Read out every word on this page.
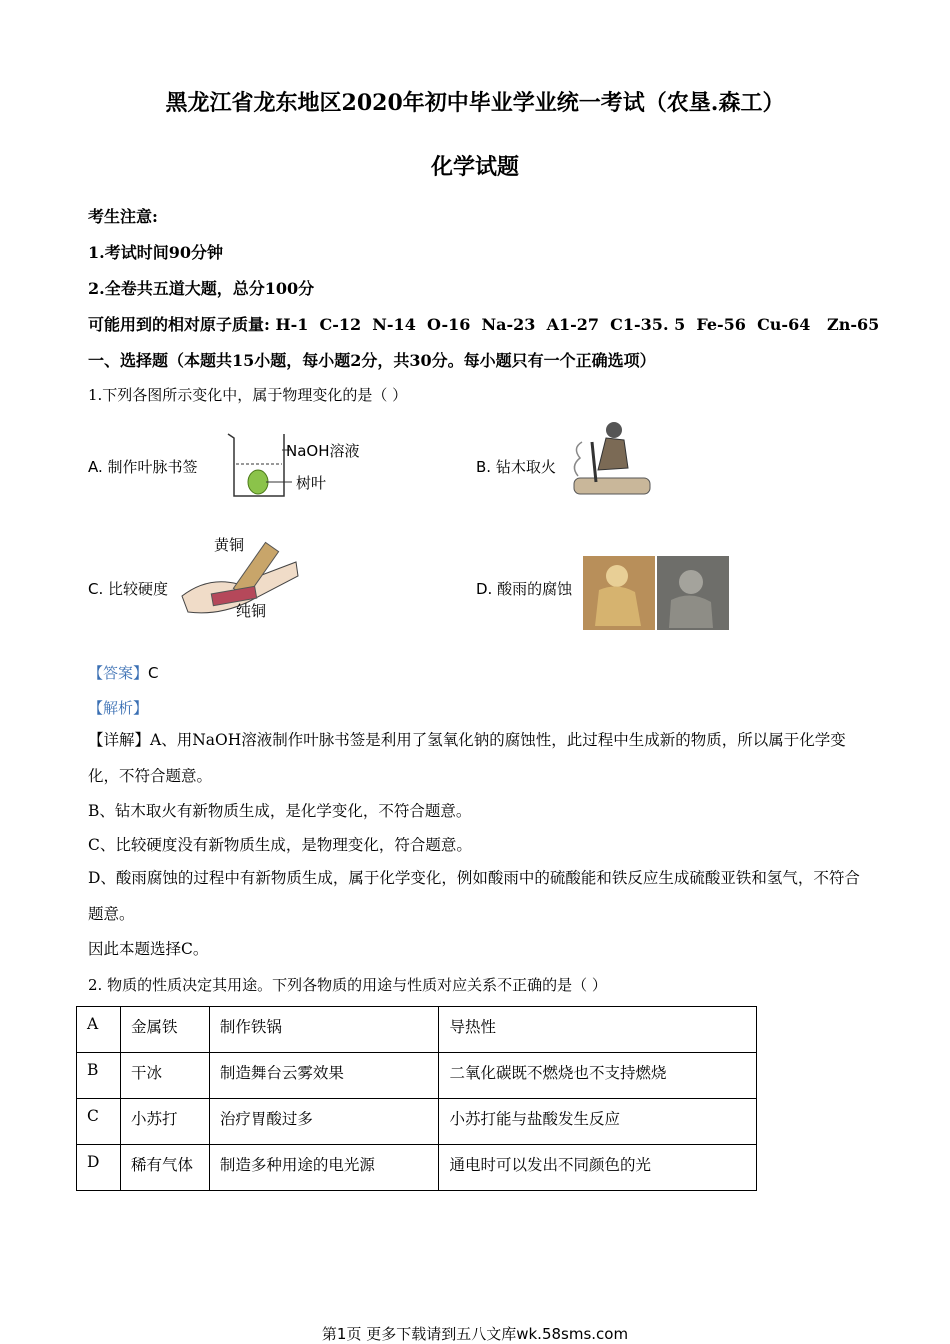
黑龙江省龙东地区2020年初中毕业学业统一考试（农垦.森工）
化学试题
考生注意:
1.考试时间90分钟
2.全卷共五道大题，总分100分
可能用到的相对原子质量: H-1  C-12  N-14  O-16  Na-23  A1-27  C1-35. 5  Fe-56  Cu-64   Zn-65
一、选择题（本题共15小题，每小题2分，共30分。每小题只有一个正确选项）
1.下列各图所示变化中，属于物理变化的是（ ）
A. 制作叶脉书签
NaOH溶液
树叶
B. 钻木取火
C. 比较硬度
黄铜
纯铜
D. 酸雨的腐蚀
【答案】C
【解析】
【详解】A、用NaOH溶液制作叶脉书签是利用了氢氧化钠的腐蚀性，此过程中生成新的物质，所以属于化学变化，不符合题意。
B、钻木取火有新物质生成，是化学变化，不符合题意。
C、比较硬度没有新物质生成，是物理变化，符合题意。
D、酸雨腐蚀的过程中有新物质生成，属于化学变化，例如酸雨中的硫酸能和铁反应生成硫酸亚铁和氢气，不符合题意。
因此本题选择C。
2. 物质的性质决定其用途。下列各物质的用途与性质对应关系不正确的是（ ）
A	金属铁	制作铁锅	导热性
B	干冰	制造舞台云雾效果	二氧化碳既不燃烧也不支持燃烧
C	小苏打	治疗胃酸过多	小苏打能与盐酸发生反应
D	稀有气体	制造多种用途的电光源	通电时可以发出不同颜色的光
第1页 更多下载请到五八文库wk.58sms.com
